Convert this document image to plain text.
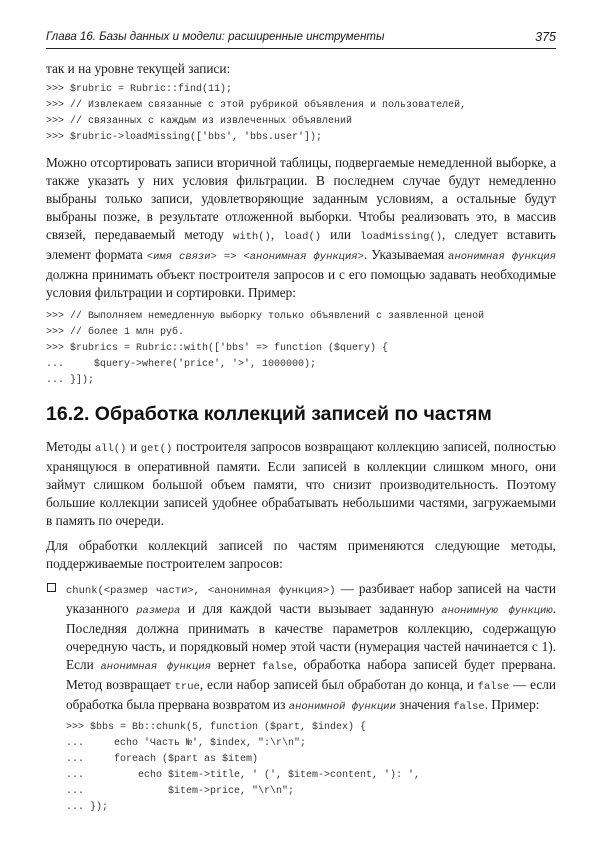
Глава 16. Базы данных и модели: расширенные инструменты	375

так и на уровне текущей записи:

>>> $rubric = Rubric::find(11);
>>> // Извлекаем связанные с этой рубрикой объявления и пользователей,
>>> // связанных с каждым из извлеченных объявлений
>>> $rubric->loadMissing(['bbs', 'bbs.user']);

Можно отсортировать записи вторичной таблицы, подвергаемые немедленной выборке, а также указать у них условия фильтрации. В последнем случае будут немедленно выбраны только записи, удовлетворяющие заданным условиям, а остальные будут выбраны позже, в результате отложенной выборки. Чтобы реализовать это, в массив связей, передаваемый методу with(), load() или loadMissing(), следует вставить элемент формата <имя связи> => <анонимная функция>. Указываемая анонимная функция должна принимать объект построителя запросов и с его помощью задавать необходимые условия фильтрации и сортировки. Пример:

>>> // Выполняем немедленную выборку только объявлений с заявленной ценой
>>> // более 1 млн руб.
>>> $rubrics = Rubric::with(['bbs' => function ($query) {
...     $query->where('price', '>', 1000000);
... }]);
16.2. Обработка коллекций записей по частям

Методы all() и get() построителя запросов возвращают коллекцию записей, полностью хранящуюся в оперативной памяти. Если записей в коллекции слишком много, они займут слишком большой объем памяти, что снизит производительность. Поэтому большие коллекции записей удобнее обрабатывать небольшими частями, загружаемыми в память по очереди.

Для обработки коллекций записей по частям применяются следующие методы, поддерживаемые построителем запросов:

chunk(<размер части>, <анонимная функция>) — разбивает набор записей на части указанного размера и для каждой части вызывает заданную анонимную функцию. Последняя должна принимать в качестве параметров коллекцию, содержащую очередную часть, и порядковый номер этой части (нумерация частей начинается с 1). Если анонимная функция вернет false, обработка набора записей будет прервана. Метод возвращает true, если набор записей был обработан до конца, и false — если обработка была прервана возвратом из анонимной функции значения false. Пример:

>>> $bbs = Bb::chunk(5, function ($part, $index) {
...     echo 'Часть №', $index, ":\r\n";
...     foreach ($part as $item)
...         echo $item->title, ' (', $item->content, '): ',
...              $item->price, "\r\n";
... });
